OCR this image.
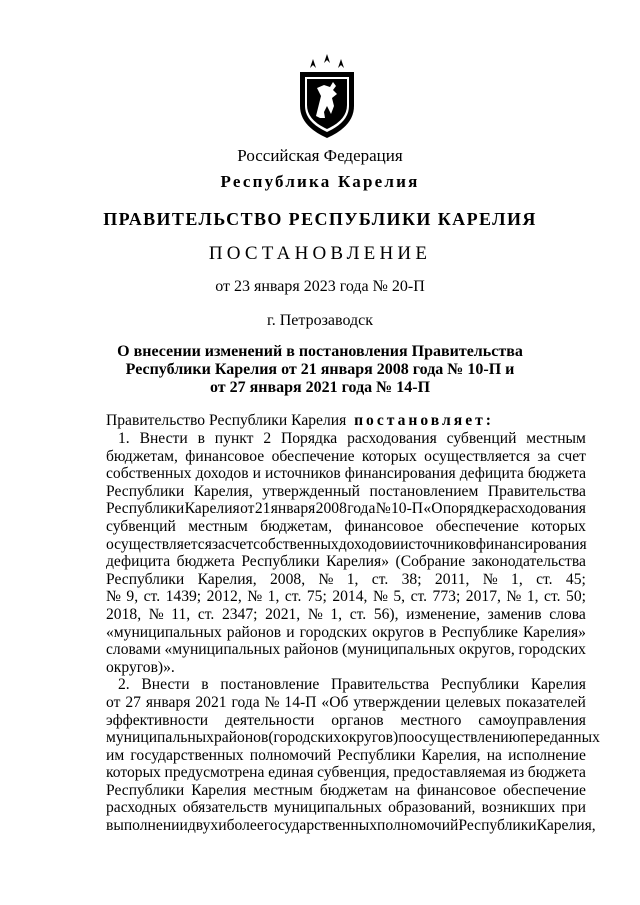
Российская Федерация
Республика Карелия
ПРАВИТЕЛЬСТВО РЕСПУБЛИКИ КАРЕЛИЯ
ПОСТАНОВЛЕНИЕ
от 23 января 2023 года № 20-П
г. Петрозаводск
О внесении изменений в постановления Правительства
Республики Карелия от 21 января 2008 года № 10-П и
от 27 января 2021 года № 14-П
Правительство Республики Карелия
постановляет:
1. Внести в пункт 2 Порядка расходования субвенций местным
бюджетам, финансовое обеспечение которых осуществляется за счет
собственных доходов и источников финансирования дефицита бюджета
Республики Карелия, утвержденный постановлением Правительства
Республики Карелия от 21 января 2008 года № 10-П «О порядке расходования
субвенций местным бюджетам, финансовое обеспечение которых
осуществляется за счет собственных доходов и источников финансирования
дефицита бюджета Республики Карелия» (Собрание законодательства
Республики Карелия, 2008, № 1, ст. 38; 2011, № 1, ст. 45;
№ 9, ст. 1439; 2012, № 1, ст. 75; 2014, № 5, ст. 773; 2017, № 1, ст. 50;
2018, № 11, ст. 2347; 2021, № 1, ст. 56), изменение, заменив слова
«муниципальных районов и городских округов в Республике Карелия»
словами «муниципальных районов (муниципальных округов, городских
округов)».
2. Внести в постановление Правительства Республики Карелия
от 27 января 2021 года № 14-П «Об утверждении целевых показателей
эффективности деятельности органов местного самоуправления
муниципальных районов (городских округов) по осуществлению переданных
им государственных полномочий Республики Карелия, на исполнение
которых предусмотрена единая субвенция, предоставляемая из бюджета
Республики Карелия местным бюджетам на финансовое обеспечение
расходных обязательств муниципальных образований, возникших при
выполнении двух и более государственных полномочий Республики Карелия,
